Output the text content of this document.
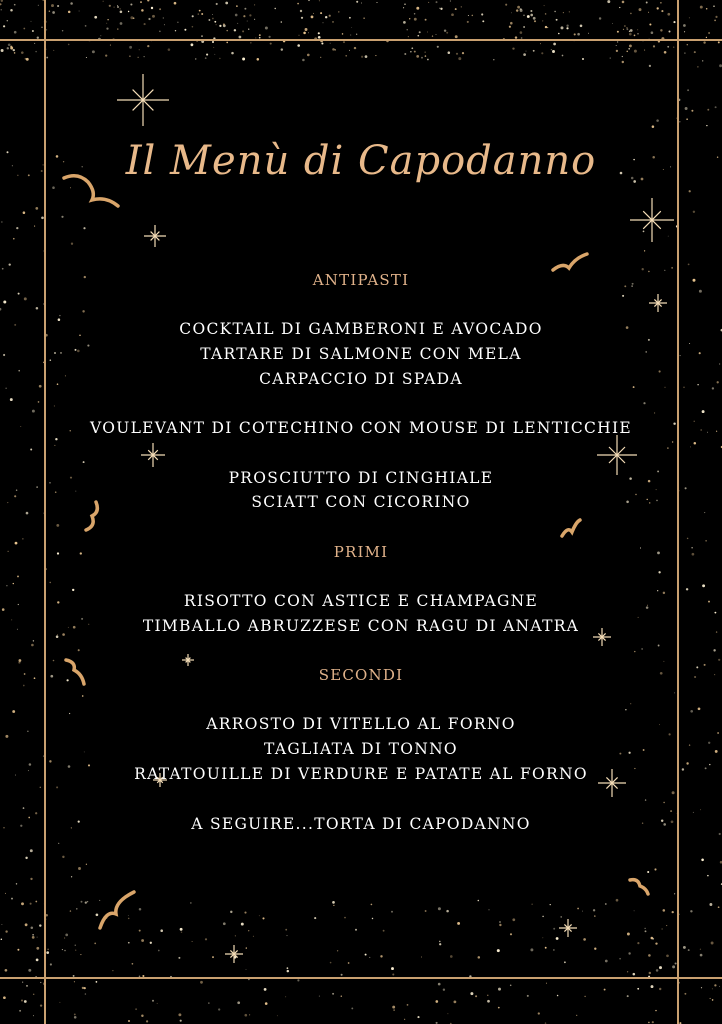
Il Menù di Capodanno
ANTIPASTI
COCKTAIL DI GAMBERONI E AVOCADO
TARTARE DI SALMONE CON MELA
CARPACCIO DI SPADA
VOULEVANT DI COTECHINO CON MOUSE DI LENTICCHIE
PROSCIUTTO DI CINGHIALE
SCIATT CON CICORINO
PRIMI
RISOTTO CON ASTICE E CHAMPAGNE
TIMBALLO ABRUZZESE CON RAGU DI ANATRA
SECONDI
ARROSTO DI VITELLO AL FORNO
TAGLIATA DI TONNO
RATATOUILLE DI VERDURE E PATATE AL FORNO
A SEGUIRE...TORTA DI CAPODANNO
